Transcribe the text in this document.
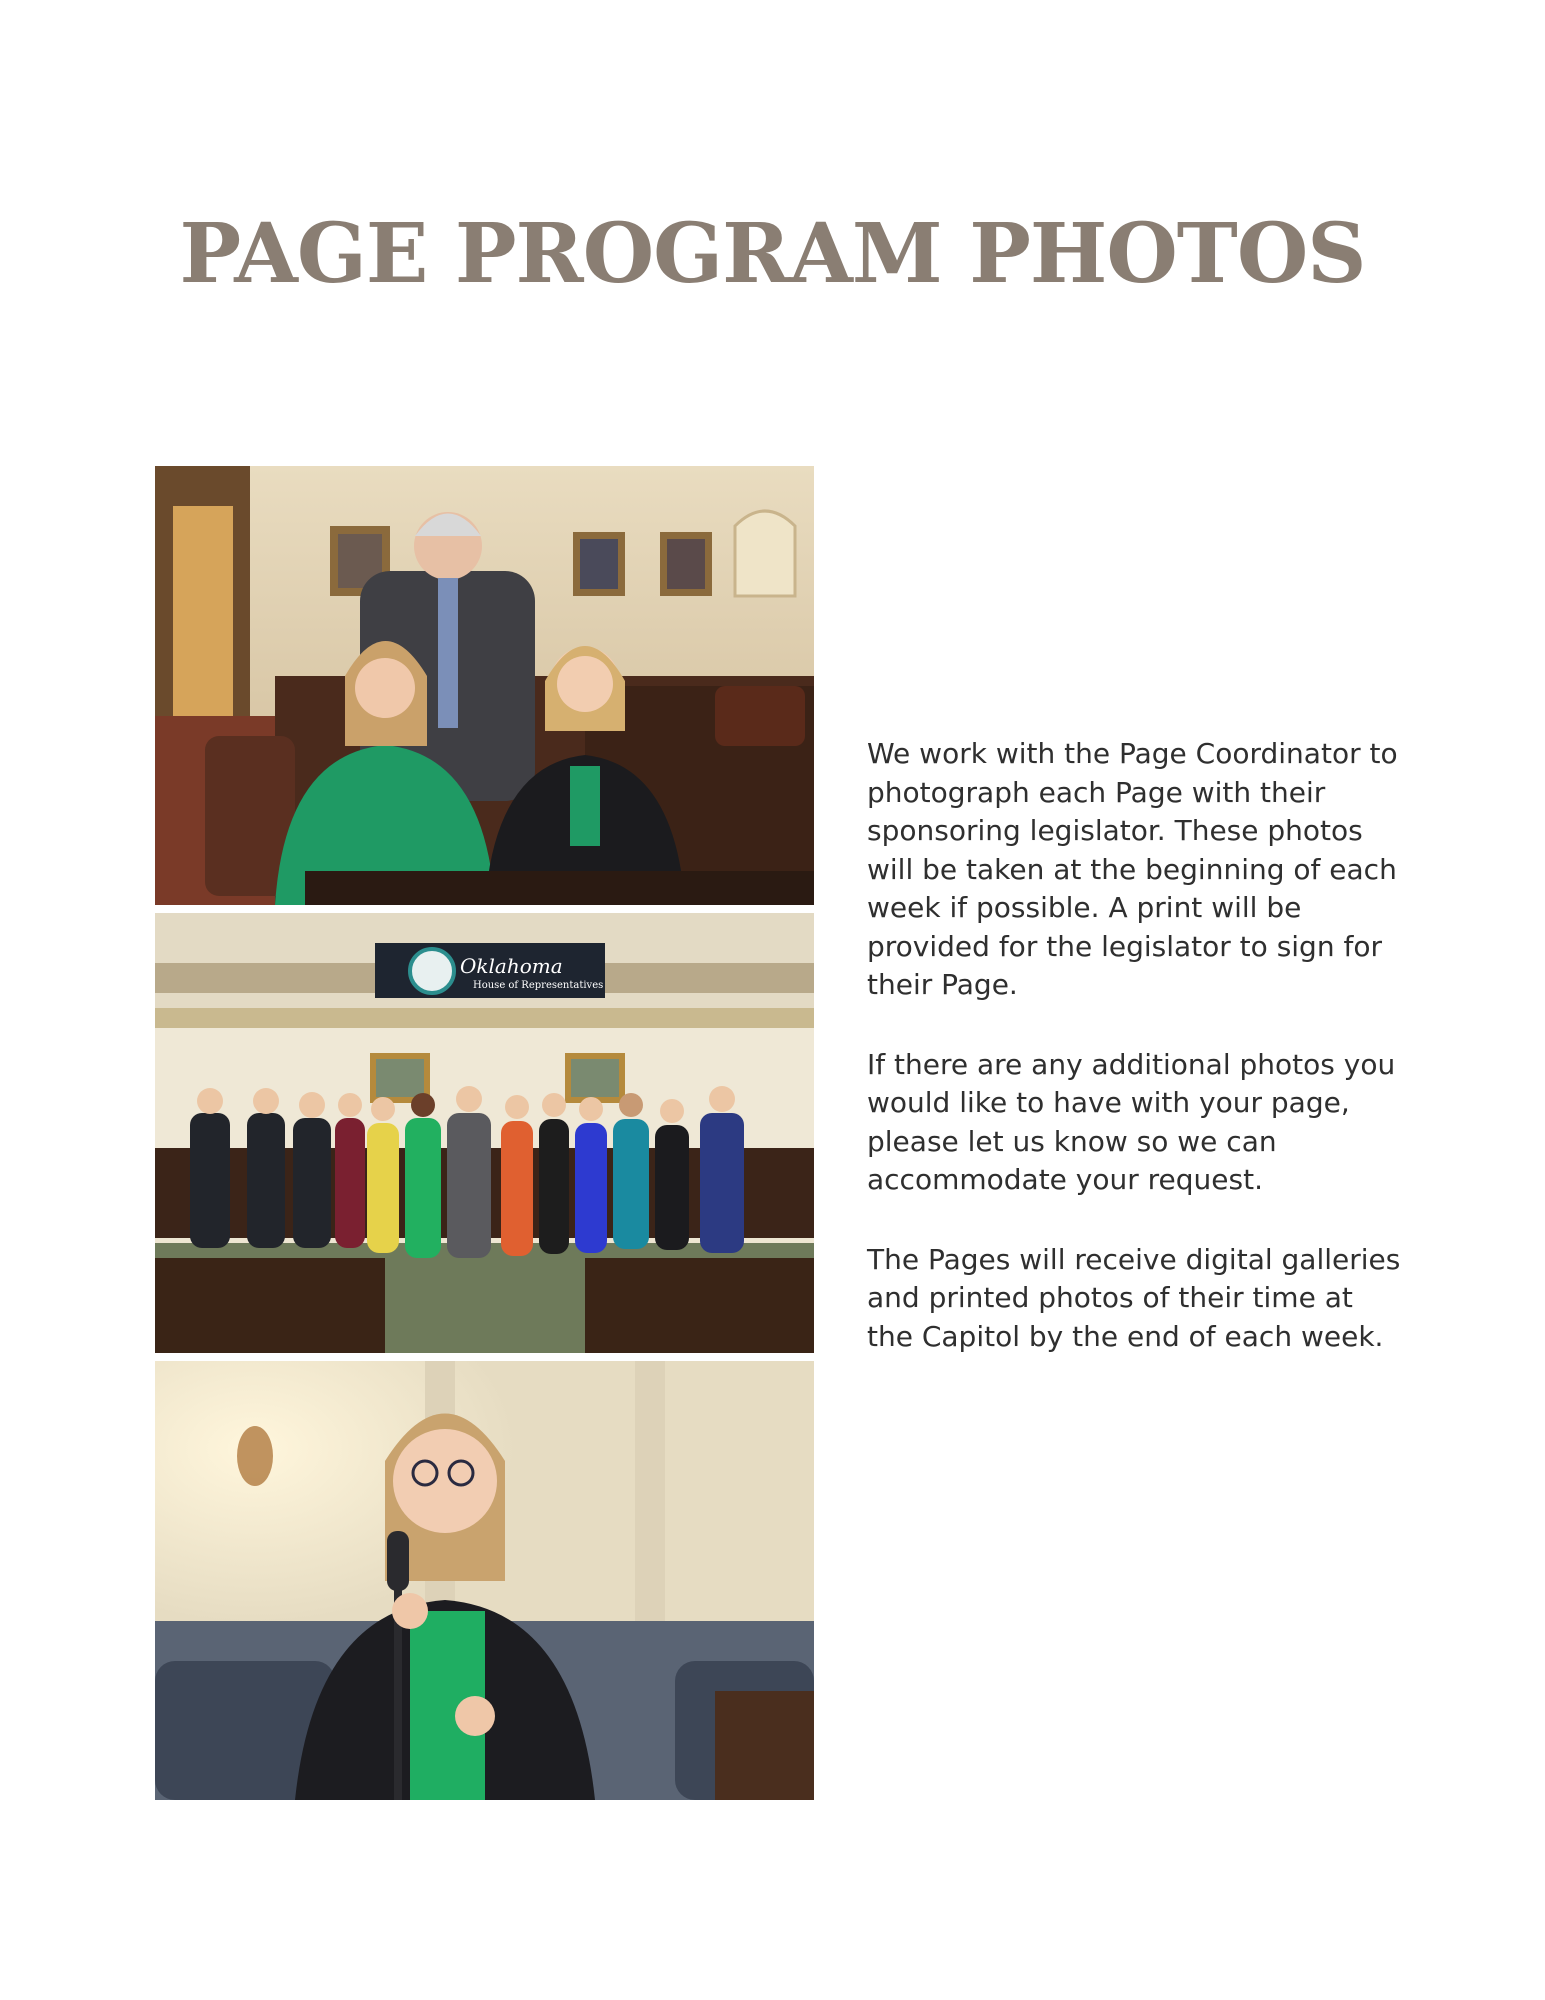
PAGE PROGRAM PHOTOS
Oklahoma
House of Representatives

We work with the Page Coordinator to photograph each Page with their sponsoring legislator. These photos will be taken at the beginning of each week if possible. A print will be provided for the legislator to sign for their Page.

If there are any additional photos you would like to have with your page, please let us know so we can accommodate your request.

The Pages will receive digital galleries and printed photos of their time at the Capitol by the end of each week.
